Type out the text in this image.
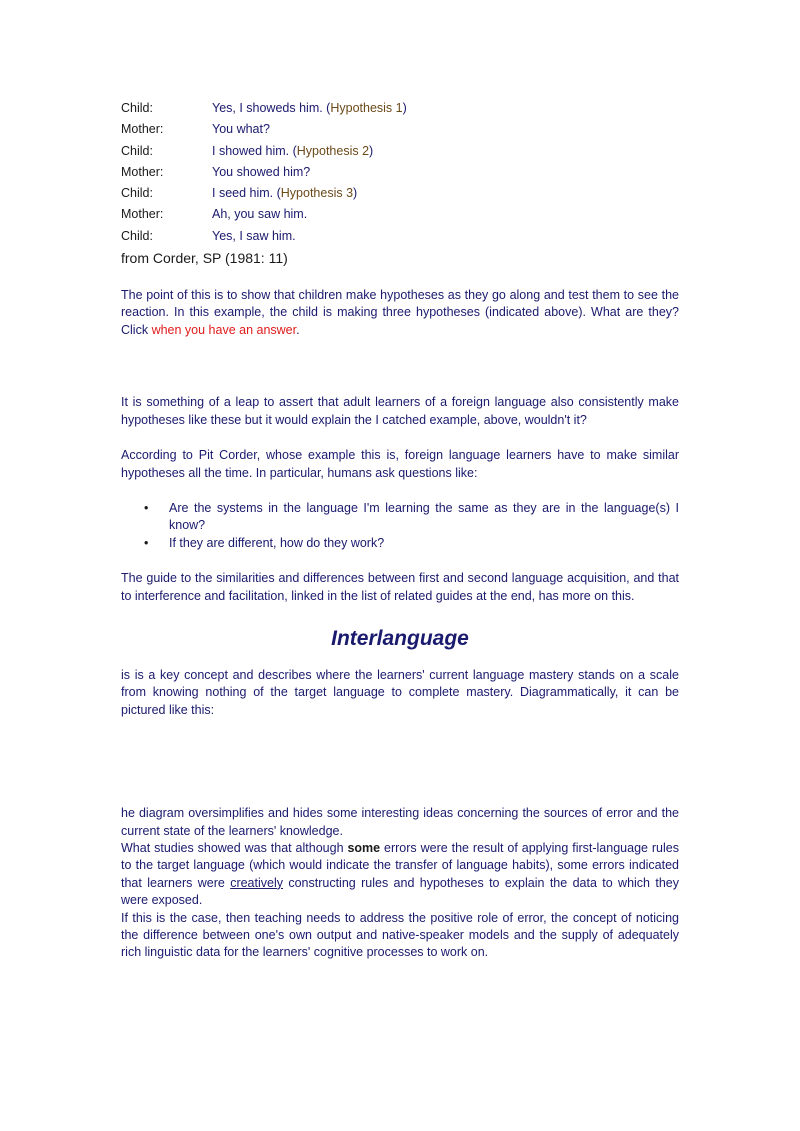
Child:	Yes, I showeds him. (Hypothesis 1)
Mother:	You what?
Child:	I showed him. (Hypothesis 2)
Mother:	You showed him?
Child:	I seed him. (Hypothesis 3)
Mother:	Ah, you saw him.
Child:	Yes, I saw him.
from Corder, SP (1981: 11)

The point of this is to show that children make hypotheses as they go along and test them to see the reaction. In this example, the child is making three hypotheses (indicated above). What are they? Click when you have an answer.

It is something of a leap to assert that adult learners of a foreign language also consistently make hypotheses like these but it would explain the I catched example, above, wouldn't it?

According to Pit Corder, whose example this is, foreign language learners have to make similar hypotheses all the time. In particular, humans ask questions like:

• Are the systems in the language I'm learning the same as they are in the language(s) I know?
• If they are different, how do they work?

The guide to the similarities and differences between first and second language acquisition, and that to interference and facilitation, linked in the list of related guides at the end, has more on this.

Interlanguage

is is a key concept and describes where the learners' current language mastery stands on a scale from knowing nothing of the target language to complete mastery. Diagrammatically, it can be pictured like this:

he diagram oversimplifies and hides some interesting ideas concerning the sources of error and the current state of the learners' knowledge.

What studies showed was that although some errors were the result of applying first-language rules to the target language (which would indicate the transfer of language habits), some errors indicated that learners were creatively constructing rules and hypotheses to explain the data to which they were exposed.

If this is the case, then teaching needs to address the positive role of error, the concept of noticing the difference between one's own output and native-speaker models and the supply of adequately rich linguistic data for the learners' cognitive processes to work on.
